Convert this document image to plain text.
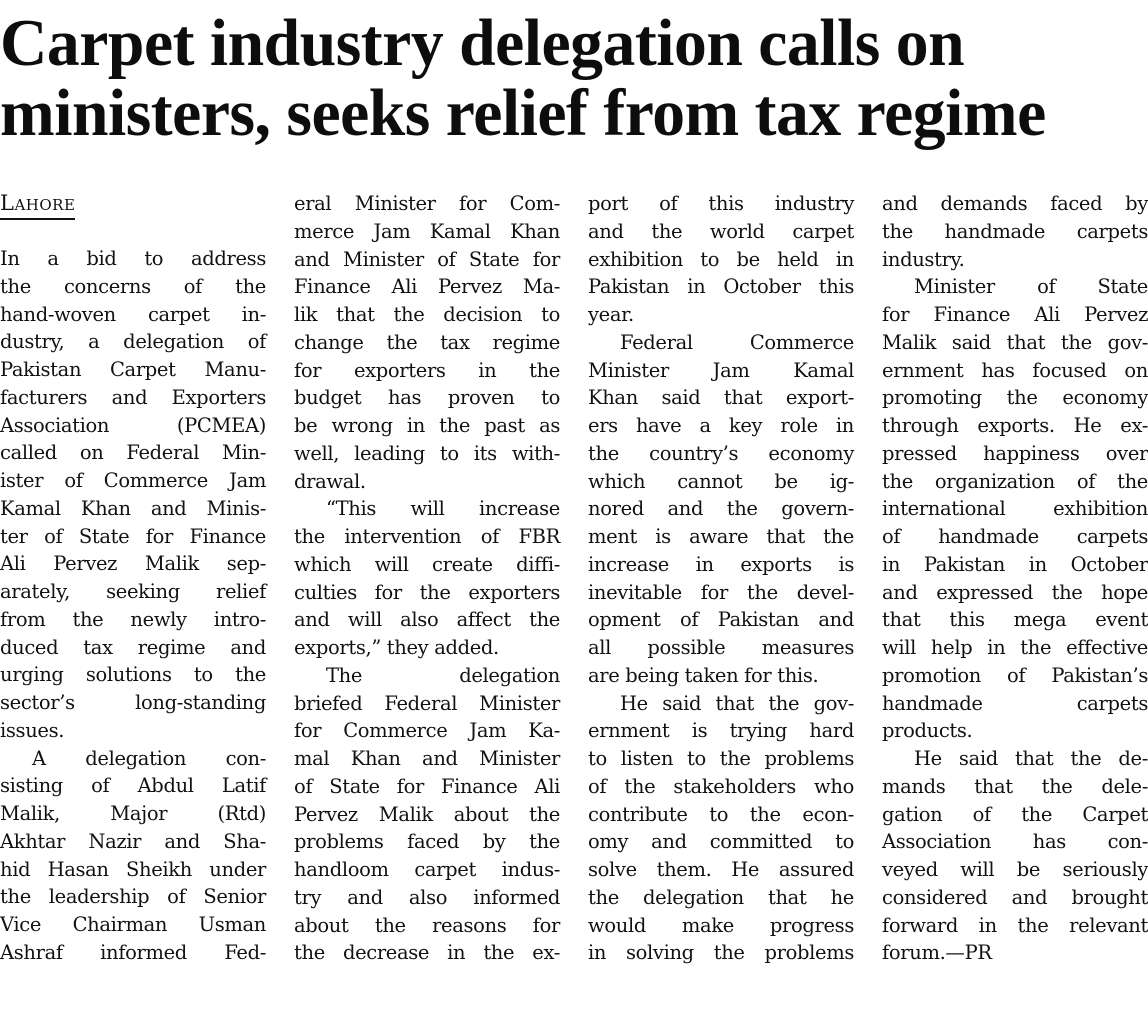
Carpet industry delegation calls on
ministers, seeks relief from tax regime
Lahore
In a bid to address
the concerns of the
hand-woven carpet in-
dustry, a delegation of
Pakistan Carpet Manu-
facturers and Exporters
Association (PCMEA)
called on Federal Min-
ister of Commerce Jam
Kamal Khan and Minis-
ter of State for Finance
Ali Pervez Malik sep-
arately, seeking relief
from the newly intro-
duced tax regime and
urging solutions to the
sector’s long-standing
issues.
A delegation con-
sisting of Abdul Latif
Malik, Major (Rtd)
Akhtar Nazir and Sha-
hid Hasan Sheikh under
the leadership of Senior
Vice Chairman Usman
Ashraf informed Fed-
eral Minister for Com-
merce Jam Kamal Khan
and Minister of State for
Finance Ali Pervez Ma-
lik that the decision to
change the tax regime
for exporters in the
budget has proven to
be wrong in the past as
well, leading to its with-
drawal.
“This will increase
the intervention of FBR
which will create diffi-
culties for the exporters
and will also affect the
exports,” they added.
The delegation
briefed Federal Minister
for Commerce Jam Ka-
mal Khan and Minister
of State for Finance Ali
Pervez Malik about the
problems faced by the
handloom carpet indus-
try and also informed
about the reasons for
the decrease in the ex-
port of this industry
and the world carpet
exhibition to be held in
Pakistan in October this
year.
Federal Commerce
Minister Jam Kamal
Khan said that export-
ers have a key role in
the country’s economy
which cannot be ig-
nored and the govern-
ment is aware that the
increase in exports is
inevitable for the devel-
opment of Pakistan and
all possible measures
are being taken for this.
He said that the gov-
ernment is trying hard
to listen to the problems
of the stakeholders who
contribute to the econ-
omy and committed to
solve them. He assured
the delegation that he
would make progress
in solving the problems
and demands faced by
the handmade carpets
industry.
Minister of State
for Finance Ali Pervez
Malik said that the gov-
ernment has focused on
promoting the economy
through exports. He ex-
pressed happiness over
the organization of the
international exhibition
of handmade carpets
in Pakistan in October
and expressed the hope
that this mega event
will help in the effective
promotion of Pakistan’s
handmade carpets
products.
He said that the de-
mands that the dele-
gation of the Carpet
Association has con-
veyed will be seriously
considered and brought
forward in the relevant
forum.—PR
